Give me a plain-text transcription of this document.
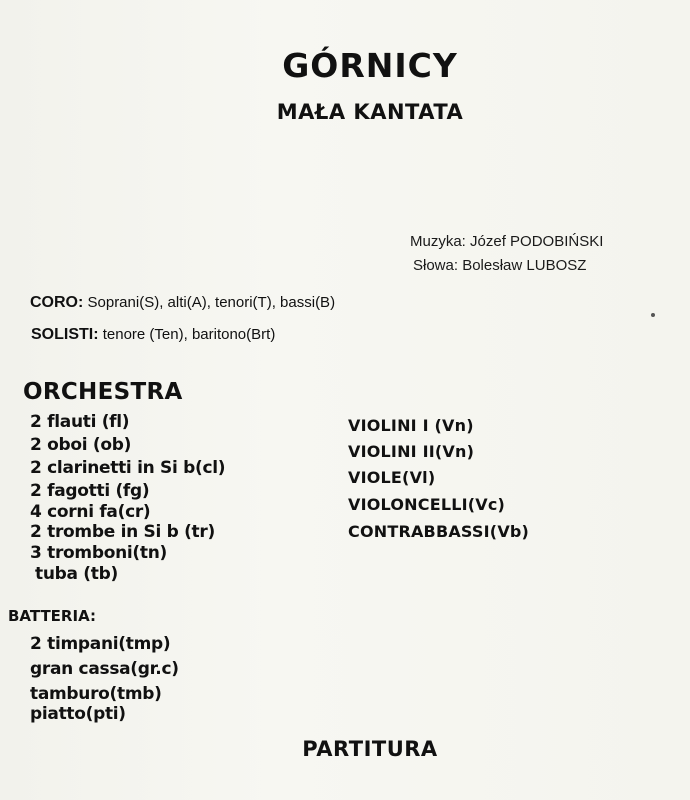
GÓRNICY
MAŁA KANTATA
Muzyka: Józef PODOBIŃSKI
Słowa: Bolesław LUBOSZ
CORO: Soprani(S), alti(A), tenori(T), bassi(B)
SOLISTI: tenore (Ten), baritono(Brt)
ORCHESTRA
2 flauti (fl)
2 oboi (ob)
2 clarinetti in Si b(cl)
2 fagotti (fg)
4 corni fa(cr)
2 trombe in Si b (tr)
3 tromboni(tn)
tuba (tb)
VIOLINI I (Vn)
VIOLINI II(Vn)
VIOLE(Vl)
VIOLONCELLI(Vc)
CONTRABBASSI(Vb)
BATTERIA:
2 timpani(tmp)
gran cassa(gr.c)
tamburo(tmb)
piatto(pti)
PARTITURA
